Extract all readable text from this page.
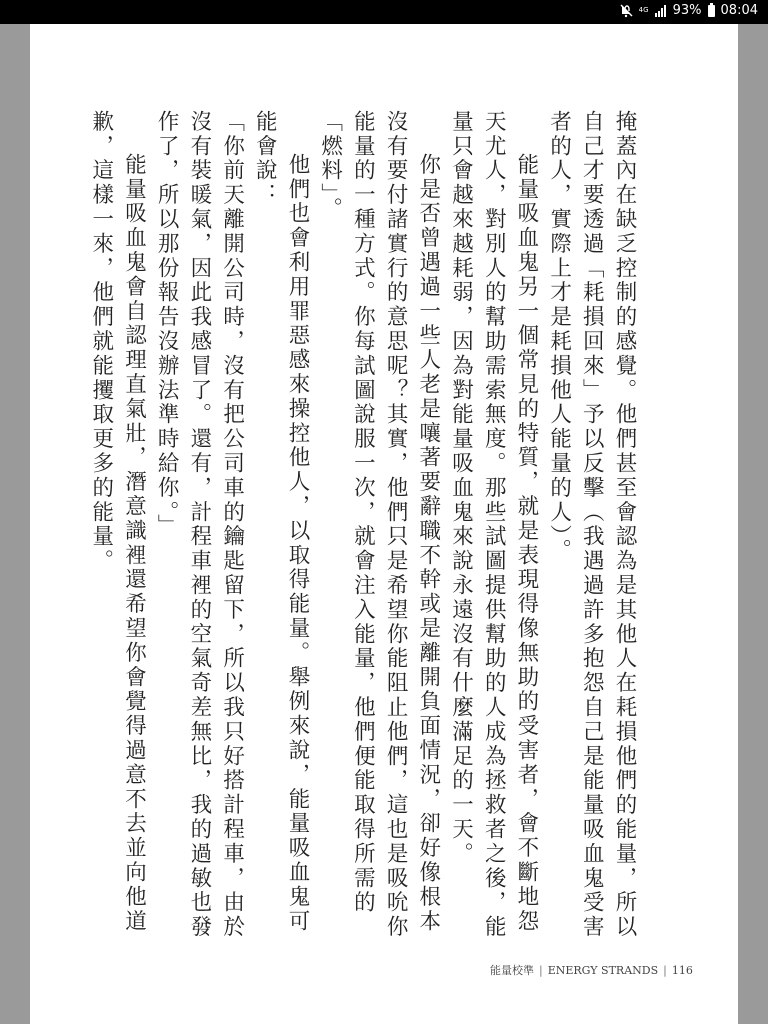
4G 93% 08:04

掩蓋內在缺乏控制的感覺。他們甚至會認為是其他人在耗損他們的能量，所以自己才要透過「耗損回來」予以反擊（我遇過許多抱怨自己是能量吸血鬼受害者的人，實際上才是耗損他人能量的人）。

能量吸血鬼另一個常見的特質，就是表現得像無助的受害者，會不斷地怨天尤人，對別人的幫助需索無度。那些試圖提供幫助的人成為拯救者之後，能量只會越來越耗弱，因為對能量吸血鬼來說永遠沒有什麼滿足的一天。

你是否曾遇過一些人老是嚷著要辭職不幹或是離開負面情況，卻好像根本沒有要付諸實行的意思呢？其實，他們只是希望你能阻止他們，這也是吸吮你能量的一種方式。你每試圖說服一次，就會注入能量，他們便能取得所需的「燃料」。

他們也會利用罪惡感來操控他人，以取得能量。舉例來說，能量吸血鬼可能會說：

「你前天離開公司時，沒有把公司車的鑰匙留下，所以我只好搭計程車，由於沒有裝暖氣，因此我感冒了。還有，計程車裡的空氣奇差無比，我的過敏也發作了，所以那份報告沒辦法準時給你。」

能量吸血鬼會自認理直氣壯，潛意識裡還希望你會覺得過意不去並向他道歉，這樣一來，他們就能攫取更多的能量。

能量校準 | ENERGY STRANDS | 116
